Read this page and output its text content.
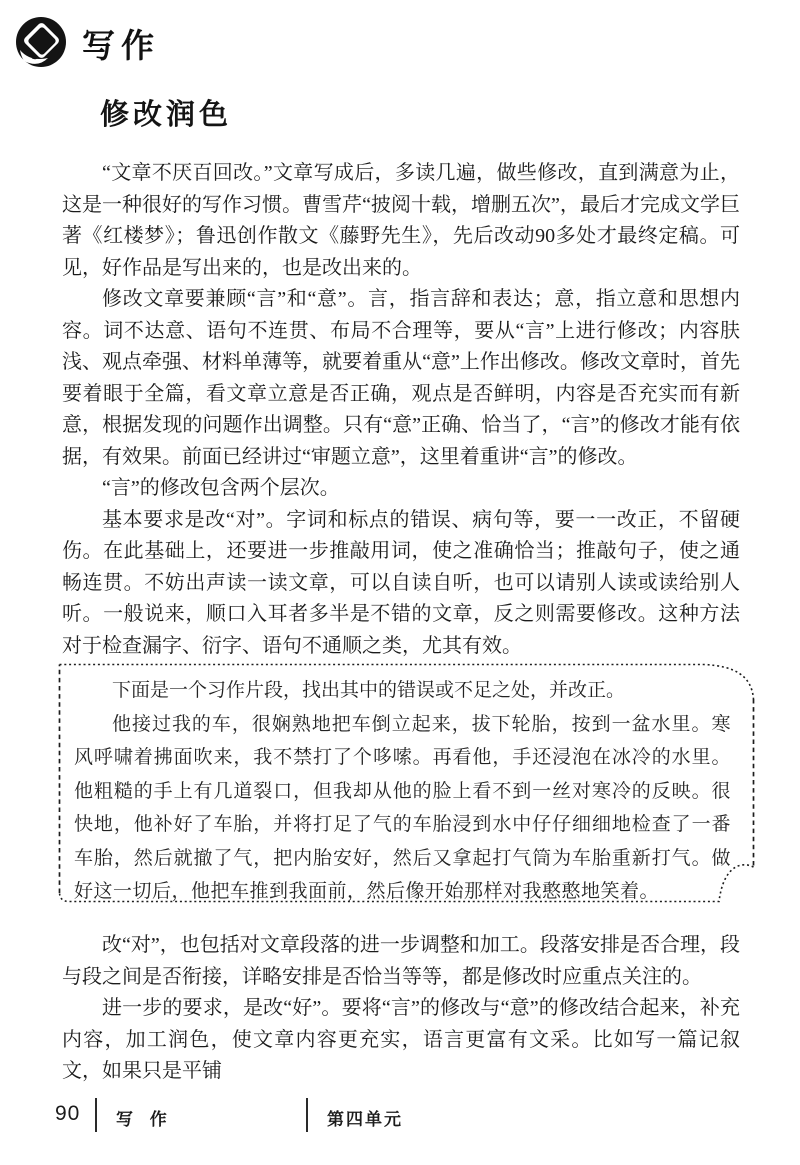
写作
修改润色

“文章不厌百回改。”文章写成后，多读几遍，做些修改，直到满意为止，这是一种很好的写作习惯。曹雪芹“披阅十载，增删五次”，最后才完成文学巨著《红楼梦》；鲁迅创作散文《藤野先生》，先后改动90多处才最终定稿。可见，好作品是写出来的，也是改出来的。

修改文章要兼顾“言”和“意”。言，指言辞和表达；意，指立意和思想内容。词不达意、语句不连贯、布局不合理等，要从“言”上进行修改；内容肤浅、观点牵强、材料单薄等，就要着重从“意”上作出修改。修改文章时，首先要着眼于全篇，看文章立意是否正确，观点是否鲜明，内容是否充实而有新意，根据发现的问题作出调整。只有“意”正确、恰当了，“言”的修改才能有依据，有效果。前面已经讲过“审题立意”，这里着重讲“言”的修改。

“言”的修改包含两个层次。

基本要求是改“对”。字词和标点的错误、病句等，要一一改正，不留硬伤。在此基础上，还要进一步推敲用词，使之准确恰当；推敲句子，使之通畅连贯。不妨出声读一读文章，可以自读自听，也可以请别人读或读给别人听。一般说来，顺口入耳者多半是不错的文章，反之则需要修改。这种方法对于检查漏字、衍字、语句不通顺之类，尤其有效。

下面是一个习作片段，找出其中的错误或不足之处，并改正。

他接过我的车，很娴熟地把车倒立起来，拔下轮胎，按到一盆水里。寒风呼啸着拂面吹来，我不禁打了个哆嗦。再看他，手还浸泡在冰冷的水里。他粗糙的手上有几道裂口，但我却从他的脸上看不到一丝对寒冷的反映。很快地，他补好了车胎，并将打足了气的车胎浸到水中仔仔细细地检查了一番车胎，然后就撤了气，把内胎安好，然后又拿起打气筒为车胎重新打气。做好这一切后，他把车推到我面前，然后像开始那样对我憨憨地笑着。

改“对”，也包括对文章段落的进一步调整和加工。段落安排是否合理，段与段之间是否衔接，详略安排是否恰当等等，都是修改时应重点关注的。

进一步的要求，是改“好”。要将“言”的修改与“意”的修改结合起来，补充内容，加工润色，使文章内容更充实，语言更富有文采。比如写一篇记叙文，如果只是平铺

90 写 作	第四单元
